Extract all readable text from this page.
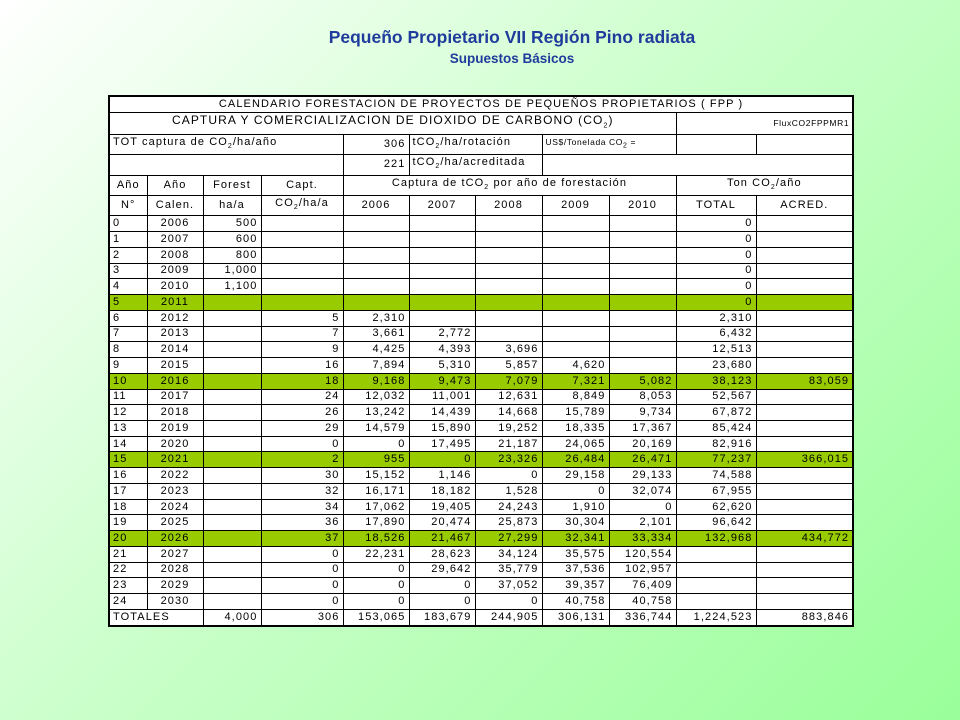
Pequeño Propietario VII Región Pino radiata
Supuestos Básicos
CALENDARIO FORESTACION DE PROYECTOS DE PEQUEÑOS PROPIETARIOS ( FPP )										
CAPTURA Y COMERCIALIZACION DE DIOXIDO DE CARBONO $(CO_2)$									FluxCO2FPPMR1	
TOT captura de $CO_2/ha$/año				306	tCO$_2$/ha/rotación		US$/Tonelada $CO_2$ =			
				221	tCO$_2$/ha/acreditada					
Año	Año	Forest	Capt.	Captura de tCO$_2$ por año de forestación					Ton $CO_2$/año	
N°	Calen.	ha/a	$CO_2/ha/a$	2006	2007	2008	2009	2010	TOTAL	ACRED.
0	2006	500							0	
1	2007	600							0	
2	2008	800							0	
3	2009	1,000							0	
4	2010	1,100							0	
5	2011								0	
6	2012		5	2,310					2,310	
7	2013		7	3,661	2,772				6,432	
8	2014		9	4,425	4,393	3,696			12,513	
9	2015		16	7,894	5,310	5,857	4,620		23,680	
10	2016		18	9,168	9,473	7,079	7,321	5,082	38,123	83,059
11	2017		24	12,032	11,001	12,631	8,849	8,053	52,567	
12	2018		26	13,242	14,439	14,668	15,789	9,734	67,872	
13	2019		29	14,579	15,890	19,252	18,335	17,367	85,424	
14	2020		0	0	17,495	21,187	24,065	20,169	82,916	
15	2021		2	955	0	23,326	26,484	26,471	77,237	366,015
16	2022		30	15,152	1,146	0	29,158	29,133	74,588	
17	2023		32	16,171	18,182	1,528	0	32,074	67,955	
18	2024		34	17,062	19,405	24,243	1,910	0	62,620	
19	2025		36	17,890	20,474	25,873	30,304	2,101	96,642	
20	2026		37	18,526	21,467	27,299	32,341	33,334	132,968	434,772
21	2027		0	22,231	28,623	34,124	35,575	120,554		
22	2028		0	0	29,642	35,779	37,536	102,957		
23	2029		0	0	0	37,052	39,357	76,409		
24	2030		0	0	0	0	40,758	40,758		
TOTALES		4,000	306	153,065	183,679	244,905	306,131	336,744	1,224,523	883,846
